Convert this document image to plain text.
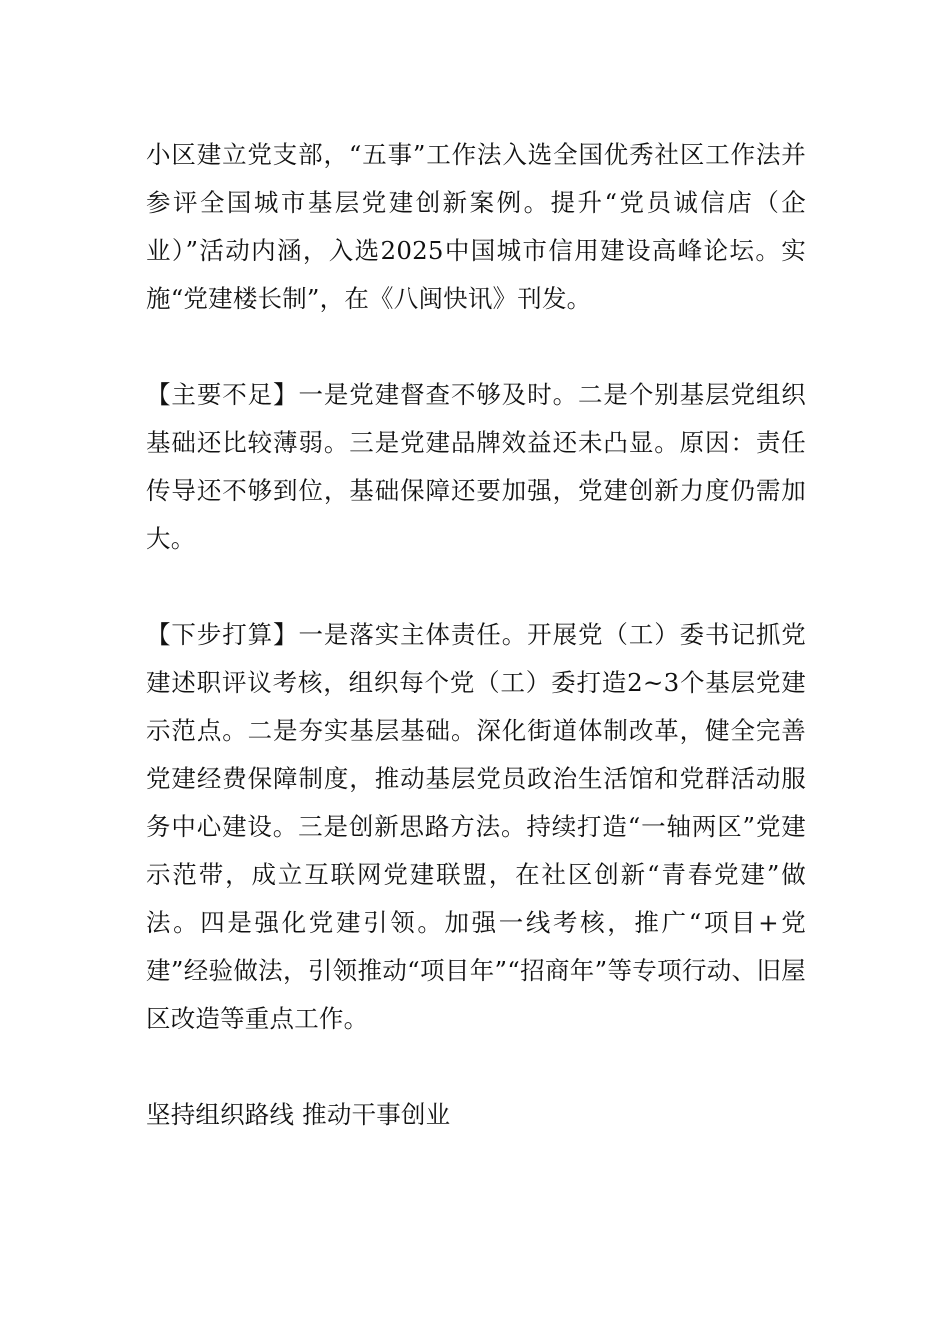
小区建立党支部，“五事”工作法入选全国优秀社区工作法并参评全国城市基层党建创新案例。提升“党员诚信店（企业）”活动内涵，入选2025中国城市信用建设高峰论坛。实施“党建楼长制”，在《八闽快讯》刊发。

【主要不足】一是党建督查不够及时。二是个别基层党组织基础还比较薄弱。三是党建品牌效益还未凸显。原因：责任传导还不够到位，基础保障还要加强，党建创新力度仍需加大。

【下步打算】一是落实主体责任。开展党（工）委书记抓党建述职评议考核，组织每个党（工）委打造2~3个基层党建示范点。二是夯实基层基础。深化街道体制改革，健全完善党建经费保障制度，推动基层党员政治生活馆和党群活动服务中心建设。三是创新思路方法。持续打造“一轴两区”党建示范带，成立互联网党建联盟，在社区创新“青春党建”做法。四是强化党建引领。加强一线考核，推广“项目+党建”经验做法，引领推动“项目年”“招商年”等专项行动、旧屋区改造等重点工作。

坚持组织路线 推动干事创业
